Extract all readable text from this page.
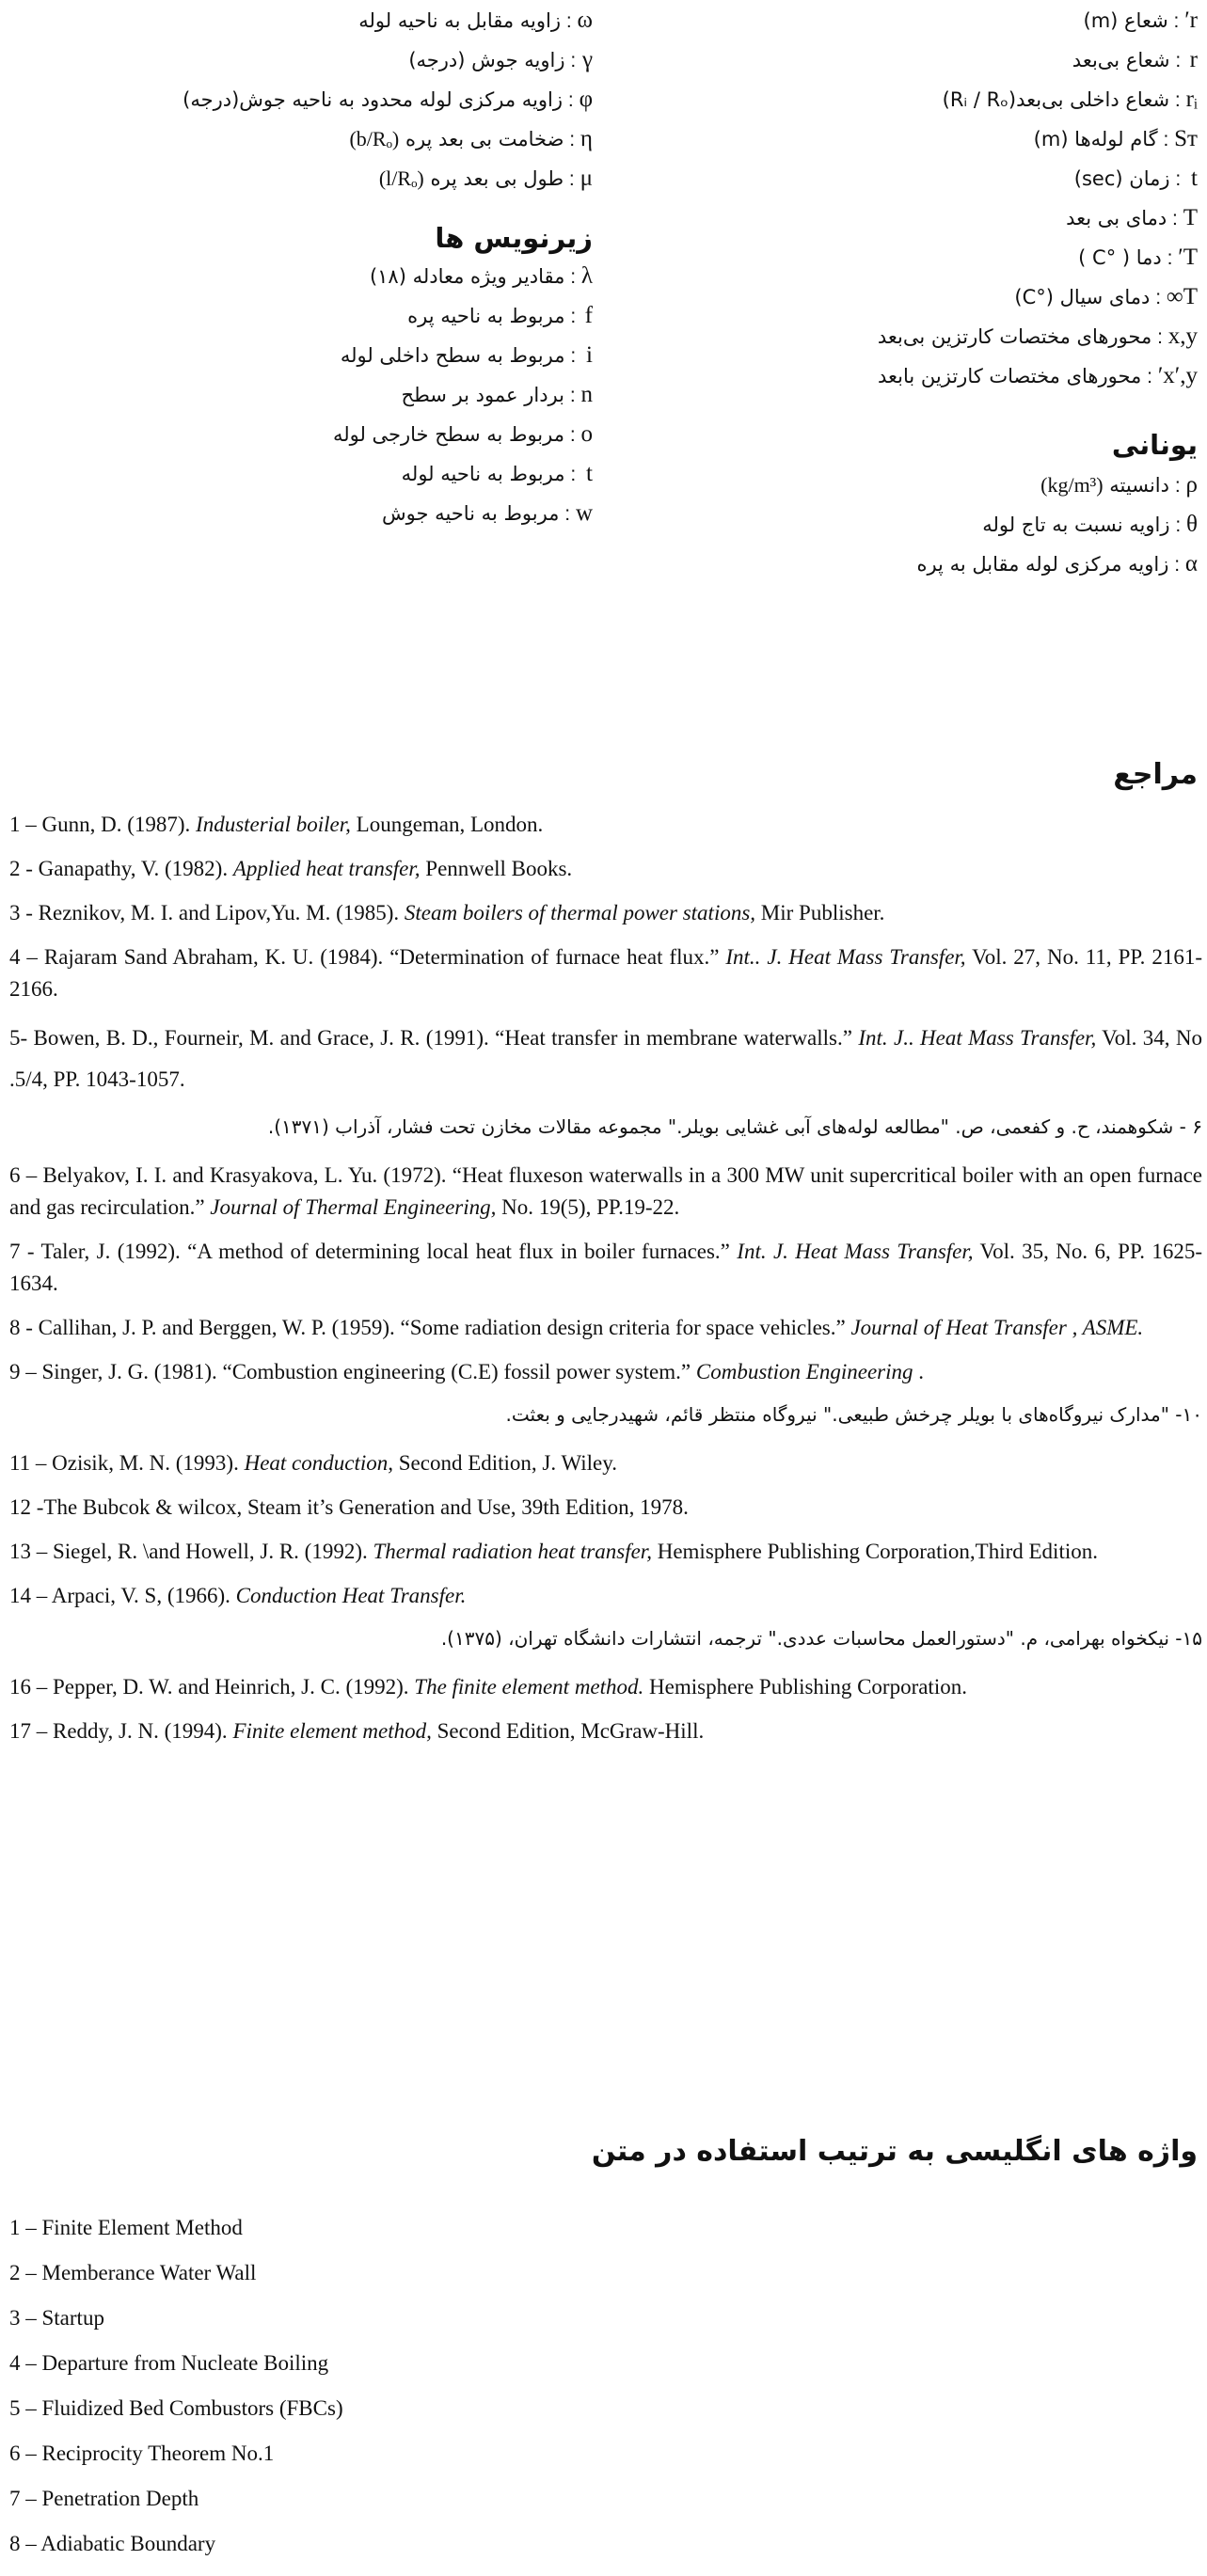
r′ : شعاع (m)
r : شعاع بی‌بعد
rᵢ : شعاع داخلی بی‌بعد(Rᵢ / Rₒ)
Sᴛ : گام لوله‌ها (m)
t : زمان (sec)
T : دمای بی بعد
T′ : دما ( °C )
T∞ : دمای سیال (°C)
x,y : محورهای مختصات کارتزین بی‌بعد
x′,y′ : محورهای مختصات کارتزین بابعد
یونانی
ρ : دانسیته (kg/m³)
θ : زاویه نسبت به تاج لوله
α : زاویه مرکزی لوله مقابل به پره
ω : زاویه مقابل به ناحیه لوله
γ : زاویه جوش (درجه)
φ : زاویه مرکزی لوله محدود به ناحیه جوش(درجه)
η : ضخامت بی بعد پره (b/Rₒ)
μ : طول بی بعد پره (l/Rₒ)
زیرنویس ها
λ : مقادیر ویژه معادله (۱۸)
f : مربوط به ناحیه پره
i : مربوط به سطح داخلی لوله
n : بردار عمود بر سطح
o : مربوط به سطح خارجی لوله
t : مربوط به ناحیه لوله
w : مربوط به ناحیه جوش
مراجع

1 – Gunn, D. (1987). Industerial boiler, Loungeman, London.

2 - Ganapathy, V. (1982). Applied heat transfer, Pennwell Books.

3 - Reznikov, M. I. and Lipov,Yu. M. (1985). Steam boilers of thermal power stations, Mir Publisher.

4 – Rajaram Sand Abraham, K. U. (1984). “Determination of furnace heat flux.” Int.. J. Heat Mass Transfer, Vol. 27, No. 11, PP. 2161-2166.

5- Bowen, B. D., Fourneir, M. and Grace, J. R. (1991). “Heat transfer in membrane waterwalls.” Int. J.. Heat Mass Transfer, Vol. 34, No .5/4, PP. 1043-1057.

۶ - شکوهمند، ح. و کفعمی، ص. "مطالعه لوله‌های آبی غشایی بویلر." مجموعه مقالات مخازن تحت فشار، آذراب (۱۳۷۱).

6 – Belyakov, I. I. and Krasyakova, L. Yu. (1972). “Heat fluxeson waterwalls in a 300 MW unit supercritical boiler with an open furnace and gas recirculation.” Journal of Thermal Engineering, No. 19(5), PP.19-22.

7 - Taler, J. (1992). “A method of determining local heat flux in boiler furnaces.” Int. J. Heat Mass Transfer, Vol. 35, No. 6, PP. 1625-1634.

8 - Callihan, J. P. and Berggen, W. P. (1959). “Some radiation design criteria for space vehicles.” Journal of Heat Transfer , ASME.

9 – Singer, J. G. (1981). “Combustion engineering (C.E) fossil power system.” Combustion Engineering .

۱۰- "مدارک نیروگاه‌های با بویلر چرخش طبیعی." نیروگاه منتظر قائم، شهیدرجایی و بعثت.

11 – Ozisik, M. N. (1993). Heat conduction, Second Edition, J. Wiley.

12 -The Bubcok & wilcox, Steam it’s Generation and Use, 39th Edition, 1978.

13 – Siegel, R. \and Howell, J. R. (1992). Thermal radiation heat transfer, Hemisphere Publishing Corporation,Third Edition.

14 – Arpaci, V. S, (1966). Conduction Heat Transfer.

۱۵- نیکخواه بهرامی، م. "دستورالعمل محاسبات عددی." ترجمه، انتشارات دانشگاه تهران، (۱۳۷۵).

16 – Pepper, D. W. and Heinrich, J. C. (1992). The finite element method. Hemisphere Publishing Corporation.

17 – Reddy, J. N. (1994). Finite element method, Second Edition, McGraw-Hill.

واژه های انگلیسی به ترتیب استفاده در متن
1 – Finite Element Method
2 – Memberance Water Wall
3 – Startup
4 – Departure from Nucleate Boiling
5 – Fluidized Bed Combustors (FBCs)
6 – Reciprocity Theorem No.1
7 – Penetration Depth
8 – Adiabatic Boundary
